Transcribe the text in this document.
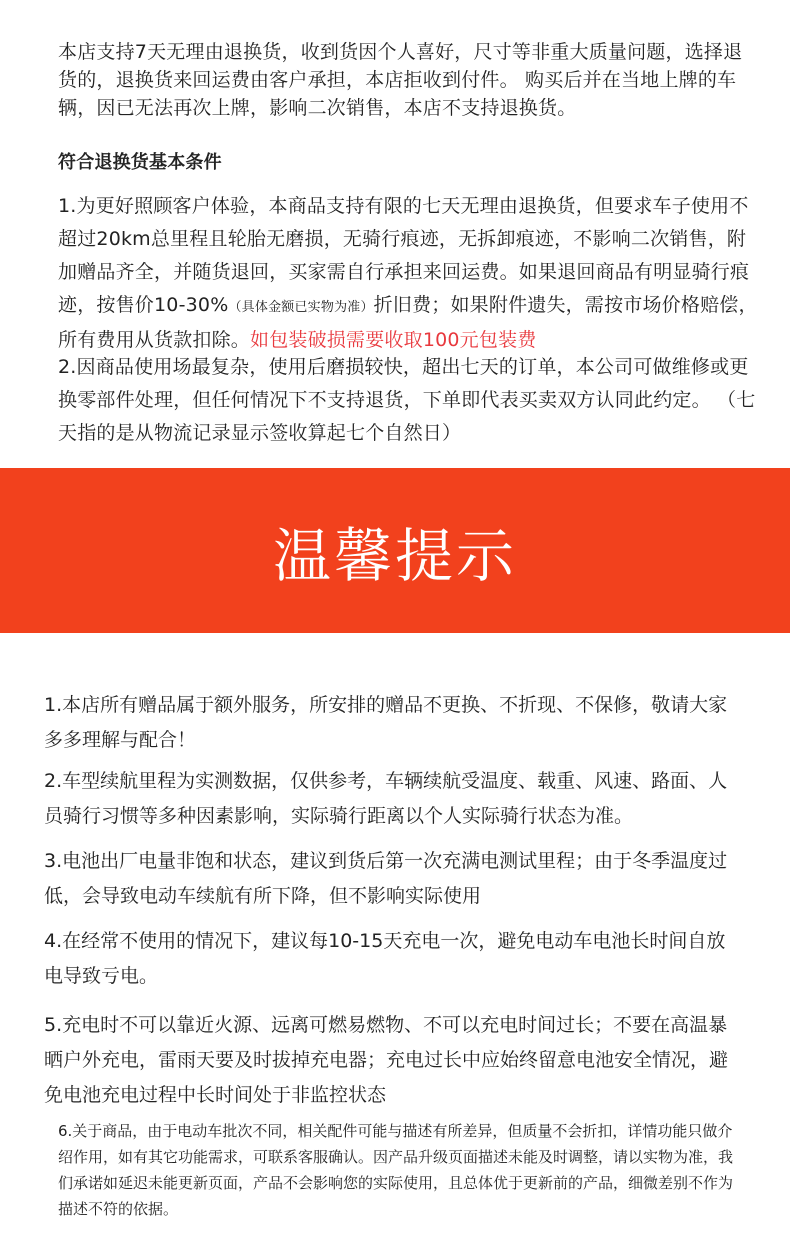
本店支持7天无理由退换货，收到货因个人喜好，尺寸等非重大质量问题，选择退货的，退换货来回运费由客户承担，本店拒收到付件。 购买后并在当地上牌的车辆，因已无法再次上牌，影响二次销售，本店不支持退换货。

符合退换货基本条件

1.为更好照顾客户体验，本商品支持有限的七天无理由退换货，但要求车子使用不超过20km总里程且轮胎无磨损，无骑行痕迹，无拆卸痕迹，不影响二次销售，附加赠品齐全，并随货退回，买家需自行承担来回运费。如果退回商品有明显骑行痕迹，按售价10-30%（具体金额已实物为准）折旧费；如果附件遗失，需按市场价格赔偿，所有费用从货款扣除。如包装破损需要收取100元包装费

2.因商品使用场最复杂，使用后磨损较快，超出七天的订单，本公司可做维修或更换零部件处理，但任何情况下不支持退货，下单即代表买卖双方认同此约定。 （七天指的是从物流记录显示签收算起七个自然日）

温馨提示

1.本店所有赠品属于额外服务，所安排的赠品不更换、不折现、不保修，敬请大家多多理解与配合！

2.车型续航里程为实测数据，仅供参考，车辆续航受温度、载重、风速、路面、人员骑行习惯等多种因素影响，实际骑行距离以个人实际骑行状态为准。

3.电池出厂电量非饱和状态，建议到货后第一次充满电测试里程；由于冬季温度过低，会导致电动车续航有所下降，但不影响实际使用

4.在经常不使用的情况下，建议每10-15天充电一次，避免电动车电池长时间自放电导致亏电。

5.充电时不可以靠近火源、远离可燃易燃物、不可以充电时间过长；不要在高温暴晒户外充电，雷雨天要及时拔掉充电器；充电过长中应始终留意电池安全情况，避免电池充电过程中长时间处于非监控状态

6.关于商品，由于电动车批次不同，相关配件可能与描述有所差异，但质量不会折扣，详情功能只做介绍作用，如有其它功能需求，可联系客服确认。因产品升级页面描述未能及时调整，请以实物为准，我们承诺如延迟未能更新页面，产品不会影响您的实际使用，且总体优于更新前的产品，细微差别不作为描述不符的依据。
